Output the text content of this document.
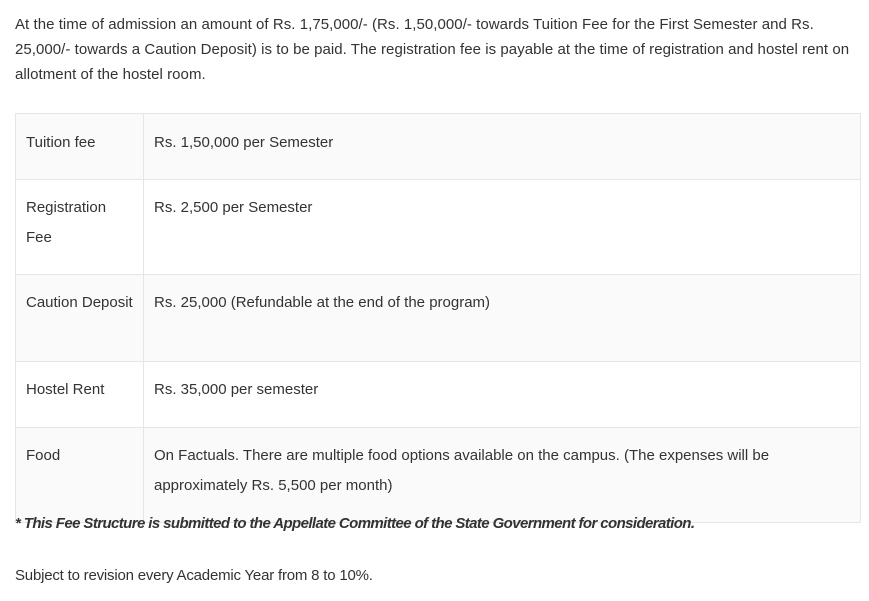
At the time of admission an amount of Rs. 1,75,000/- (Rs. 1,50,000/- towards Tuition Fee for the First Semester and Rs. 25,000/- towards a Caution Deposit) is to be paid. The registration fee is payable at the time of registration and hostel rent on allotment of the hostel room.

Tuition fee	Rs. 1,50,000 per Semester
Registration Fee	Rs. 2,500 per Semester
Caution Deposit	Rs. 25,000 (Refundable at the end of the program)
Hostel Rent	Rs. 35,000 per semester
Food	On Factuals. There are multiple food options available on the campus. (The expenses will be approximately Rs. 5,500 per month)

* This Fee Structure is submitted to the Appellate Committee of the State Government for consideration.

Subject to revision every Academic Year from 8 to 10%.
